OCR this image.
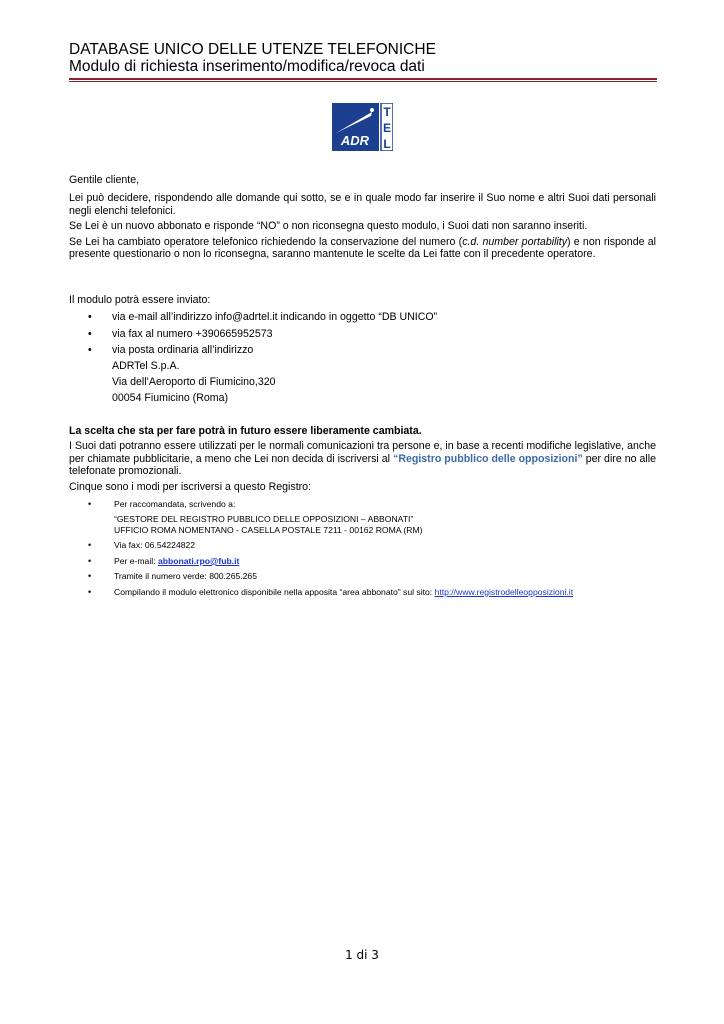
DATABASE UNICO DELLE UTENZE TELEFONICHE
Modulo di richiesta inserimento/modifica/revoca dati
ADR
T
E
L

Gentile cliente,

Lei può decidere, rispondendo alle domande qui sotto, se e in quale modo far inserire il Suo nome e altri Suoi dati personali negli elenchi telefonici.

Se Lei è un nuovo abbonato e risponde “NO” o non riconsegna questo modulo, i Suoi dati non saranno inseriti.

Se Lei ha cambiato operatore telefonico richiedendo la conservazione del numero (c.d. number portability) e non risponde al presente questionario o non lo riconsegna, saranno mantenute le scelte da Lei fatte con il precedente operatore.

Il modulo potrà essere inviato:

• via e-mail all’indirizzo info@adrtel.it indicando in oggetto “DB UNICO”
• via fax al numero +390665952573
• via posta ordinaria all’indirizzo
ADRTel S.p.A.
Via dell’Aeroporto di Fiumicino,320
00054 Fiumicino (Roma)

La scelta che sta per fare potrà in futuro essere liberamente cambiata.

I Suoi dati potranno essere utilizzati per le normali comunicazioni tra persone e, in base a recenti modifiche legislative, anche per chiamate pubblicitarie, a meno che Lei non decida di iscriversi al “Registro pubblico delle opposizioni” per dire no alle telefonate promozionali.

Cinque sono i modi per iscriversi a questo Registro:

•	Per raccomandata, scrivendo a:
“GESTORE DEL REGISTRO PUBBLICO DELLE OPPOSIZIONI – ABBONATI”
UFFICIO ROMA NOMENTANO - CASELLA POSTALE 7211 - 00162 ROMA (RM)
•	Via fax: 06.54224822
•	Per e-mail: abbonati.rpo@fub.it
•	Tramite il numero verde: 800.265.265
•	Compilando il modulo elettronico disponibile nella apposita “area abbonato” sul sito: http://www.registrodelleopposizioni.it
1 di 3
